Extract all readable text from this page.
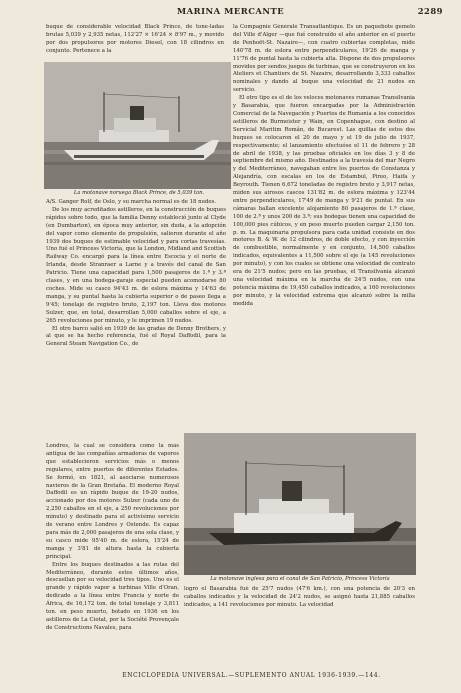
MARINA MERCANTE	2289

buque de considerable velocidad Black Prince, de tone-ladas brutas 5,039 y 2,935 netas, 112'27 × 16'24 × 8'97 m., y movido por dos propulsores por motores Diesel, con 18 cilindros en conjunto. Pertenece a la

La motonave noruega Black Prince, de 5,039 ton.

A/S. Ganger Rolf, de Oslo, y su marcha normal es de 18 nudos.

De los muy acreditados astilleros, en la construcción de buques rápidos sobre todo, que la familia Denny estableció junto al Clyde (en Dumbarton), en época muy anterior, sin duda, a la adopción del vapor como elemento de propulsión, salieron durante el año 1939 dos buques de estimable velocidad y para cortas travesías. Uno fué el Princess Victoria, que la London, Midland and Scottish Railway Co. encargó para la línea entre Escocia y el norte de Irlanda, desde Stranraer a Larne y a través del canal de San Patricio. Tiene una capacidad para 1,500 pasajeros de 1.ª y 3.ª clases, y en una bodega-garaje especial pueden acomodarse 80 coches. Mide su casco 94'43 m. de eslora máxima y 14'63 de manga, y su puntal hasta la cubierta superior o de paseo llega a 9'45; tonelaje de registro bruto, 2,197 ton. Lleva dos motores Sulzer, que, en total, desarrollan 5,000 caballos sobre el eje, a 265 revoluciones por minuto, y le imprimen 19 nudos.

El otro barco salió en 1939 de las gradas de Denny Brothers, y al que se ha hecho referencia, fué el Royal Daffodil, para la General Steam Navigation Co., de

Londres, la cual se considera como la más antigua de las compañías armadoras de vapores que establecieron servicios más o menos regulares, entre puertos de diferentes Estados. Se formó, en 1821, al asociarse numerosos navieros de la Gran Bretaña. El moderno Royal Daffodil es un rápido buque de 19-20 nudos, accionado por dos motores Sulzer (cada uno de 2,250 caballos en el eje, a 250 revoluciones por minuto) y destinado para el activísimo servicio de verano entre Londres y Ostende. Es capaz para más de 2,000 pasajeros de una sola clase, y su casco mide 95'40 m. de eslora, 15'24 de manga y 3'81 de altura hasta la cubierta principal.

Entre los buques destinados a las rutas del Mediterráneo, durante estos últimos años, descuellan por su velocidad tres tipos. Uno es el grande y rápido vapor a turbinas Ville d'Oran, dedicado a la línea entre Francia y norte de África, de 16,172 ton. de total tonelaje y 3,811 ton. en peso muerto, botado en 1936 en los astilleros de La Ciotat, por la Société Provençale de Constructions Navales, para

la Compagnie Générale Transatlantique. Es un paquebote gemelo del Ville d'Alger —que fué construído el año anterior en el puerto de Penhoët-St. Nazaire—, con cuatro cubiertas completas, mide 140'78 m. de eslora entre perpendiculares, 19'26 de manga y 11'76 de puntal hasta la cubierta alta. Dispone de dos propulsores movidos por sendos juegos de turbinas, que se construyeron en los Ateliers et Chantiers de St. Nazaire, desarrollando 3,333 caballos nominales y dando al buque una velocidad de 21 nudos en servicio.

El otro tipo es el de los veloces motonaves rumanas Transilvania y Basarabia, que fueron encargadas por la Administración Comercial de la Navegación y Puertos de Rumania a los conocidos astilleros de Burmeister y Wain, en Copenhague, con destino al Servicial Maritim Român, de Bucarest. Las quillas de estos dos buques se colocaron el 20 de mayo y el 19 de julio de 1937, respectivamente; el lanzamiento efectuóse el 11 de febrero y 28 de abril de 1938, y las pruebas oficiales en los días 3 y 8 de septiembre del mismo año. Destinados a la travesía del mar Negro y del Mediterráneo, navegaban entre los puertos de Constanza y Alejandría, con escalas en los de Estambul, Pireo, Haifa y Beyrouth. Tienen 6,672 toneladas de registro bruto y 3,917 netas, miden sus airosos cascos 131'82 m. de eslora máxima y 123'44 entre perpendiculares, 17'49 de manga y 9'21 de puntal. En sus cámaras hallan excelente alojamiento 80 pasajeros de 1.ª clase, 100 de 2.ª y unos 200 de 3.ª; sus bodegas tienen una capacidad de 100,000 pies cúbicos, y en peso muerto pueden cargar 2,150 ton. p. m. La maquinaria propulsora para cada unidad consiste en dos motores B. & W. de 12 cilindros, de doble efecto, y con inyección de combustible, normalmente y en conjunto, 14,500 caballos indicados, equivalentes a 11,500 sobre el eje (a 145 revoluciones por minuto), y con los cuales se obtiene una velocidad de contrato era de 21'5 nudos; pero en las pruebas, el Transilvania alcanzó una velocidad máxima en la marcha de 24'5 nudos, con una potencia máxima de 19,450 caballos indicados, a 160 revoluciones por minuto, y la velocidad extrema que alcanzó sobre la milla medida

La motonave inglesa para el canal de San Patricio, Princess Victoria

logró el Basarabia fué de 25'7 nudos (47'6 km.), con una potencia de 20'3 en caballos indicados y la velocidad de 24'2 nudos, se asignó hasta 21,885 caballos indicados, a 141 revoluciones por minuto. La velocidad

ENCICLOPEDIA UNIVERSAL.—SUPLEMENTO ANUAL 1936-1939.—144.
